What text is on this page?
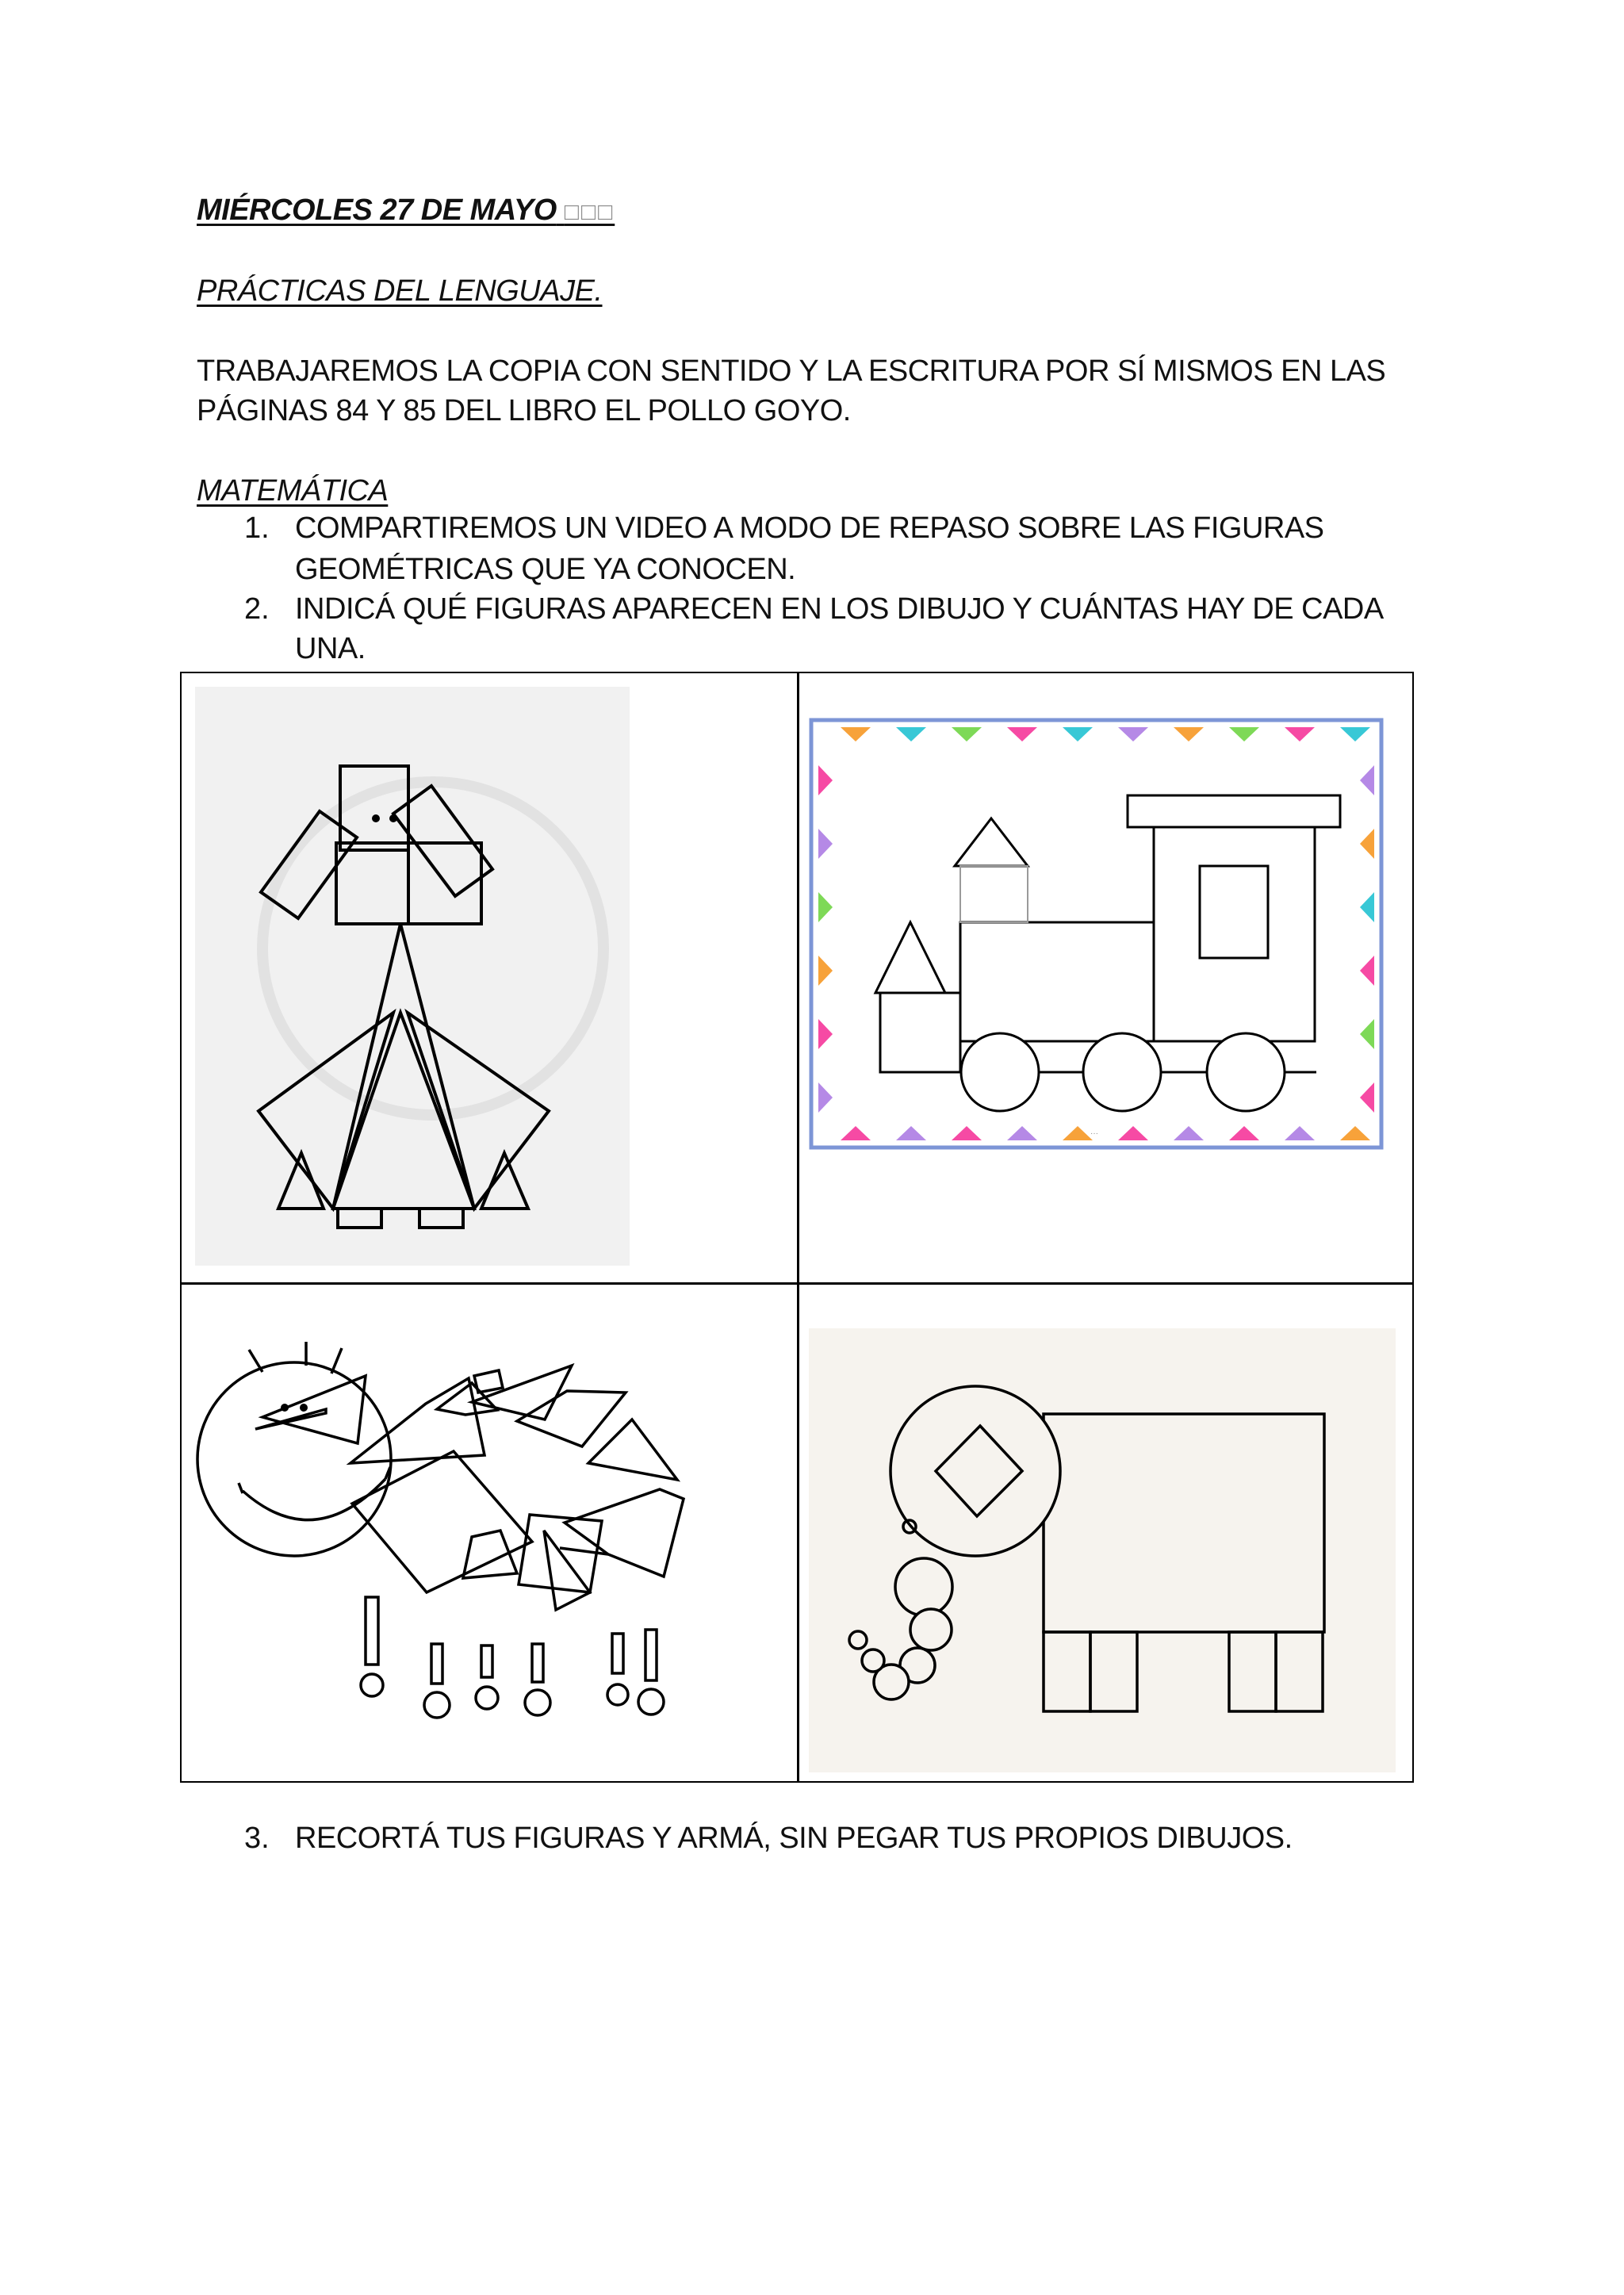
MIÉRCOLES 27 DE MAYO □□□
PRÁCTICAS DEL LENGUAJE.
TRABAJAREMOS LA COPIA CON SENTIDO Y LA ESCRITURA POR SÍ MISMOS EN LAS
PÁGINAS 84 Y 85 DEL LIBRO EL POLLO GOYO.
MATEMÁTICA
1. COMPARTIREMOS UN VIDEO A MODO DE REPASO SOBRE LAS FIGURAS
GEOMÉTRICAS QUE YA CONOCEN.
2. INDICÁ QUÉ FIGURAS APARECEN EN LOS DIBUJO Y CUÁNTAS HAY DE CADA
UNA.
···
3. RECORTÁ TUS FIGURAS Y ARMÁ, SIN PEGAR TUS PROPIOS DIBUJOS.
